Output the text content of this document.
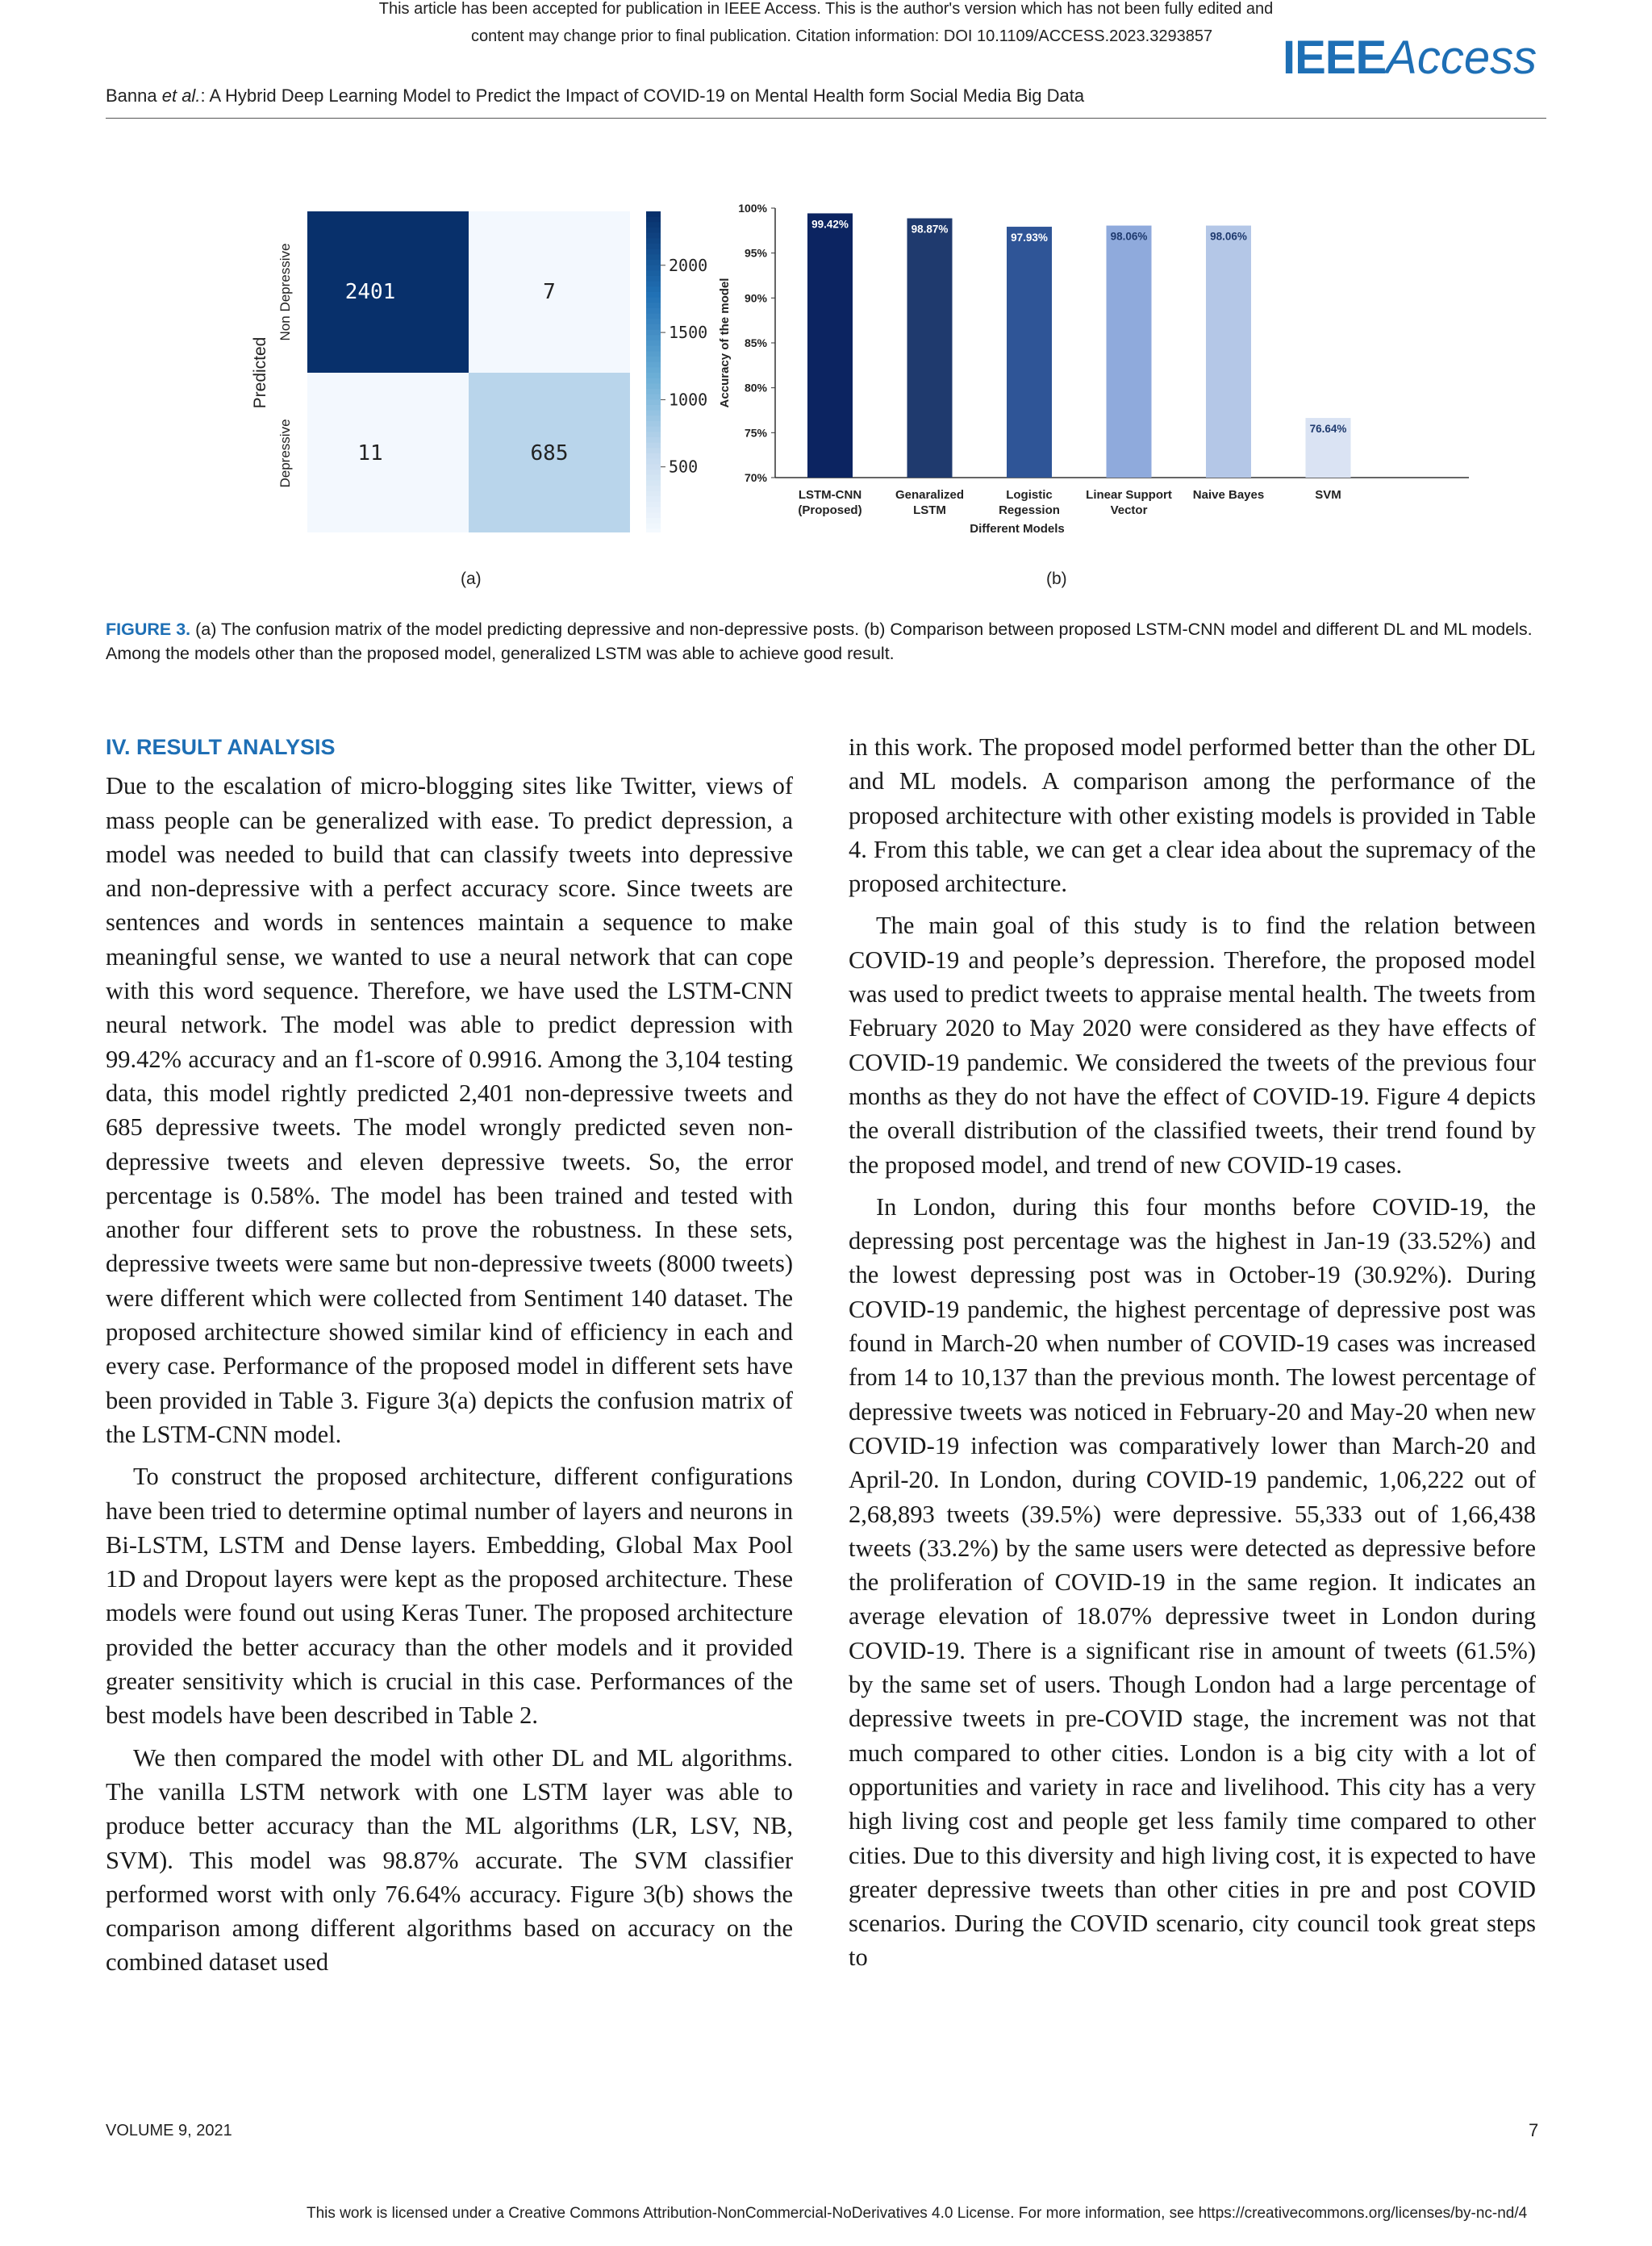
This article has been accepted for publication in IEEE Access. This is the author's version which has not been fully edited and
content may change prior to final publication. Citation information: DOI 10.1109/ACCESS.2023.3293857	IEEEAccess
Banna et al.: A Hybrid Deep Learning Model to Predict the Impact of COVID-19 on Mental Health form Social Media Big Data
Predicted
2401	7
11	685
Non Depressive
Depressive	500
1000
1500
2000
70%
75%
80%
85%
90%
95%
100%
Accuracy of the model
99.42%
LSTM-CNN
(Proposed)
98.87%
Genaralized
LSTM
97.93%
Logistic
Regession
98.06%
Linear Support
Vector
98.06%
Naive Bayes
76.64%
SVM
Different Models
(a)	(b)
FIGURE 3. (a) The confusion matrix of the model predicting depressive and non-depressive posts. (b) Comparison between proposed LSTM-CNN model and different DL and ML models. Among the models other than the proposed model, generalized LSTM was able to achieve good result.
IV. RESULT ANALYSIS

Due to the escalation of micro-blogging sites like Twitter, views of mass people can be generalized with ease. To predict depression, a model was needed to build that can classify tweets into depressive and non-depressive with a perfect accuracy score. Since tweets are sentences and words in sentences maintain a sequence to make meaningful sense, we wanted to use a neural network that can cope with this word sequence. Therefore, we have used the LSTM-CNN neural network. The model was able to predict depression with 99.42% accuracy and an f1-score of 0.9916. Among the 3,104 testing data, this model rightly predicted 2,401 non-depressive tweets and 685 depressive tweets. The model wrongly predicted seven non-depressive tweets and eleven depressive tweets. So, the error percentage is 0.58%. The model has been trained and tested with another four different sets to prove the robustness. In these sets, depressive tweets were same but non-depressive tweets (8000 tweets) were different which were collected from Sentiment 140 dataset. The proposed architecture showed similar kind of efficiency in each and every case. Performance of the proposed model in different sets have been provided in Table 3. Figure 3(a) depicts the confusion matrix of the LSTM-CNN model.

To construct the proposed architecture, different configurations have been tried to determine optimal number of layers and neurons in Bi-LSTM, LSTM and Dense layers. Embedding, Global Max Pool 1D and Dropout layers were kept as the proposed architecture. These models were found out using Keras Tuner. The proposed architecture provided the better accuracy than the other models and it provided greater sensitivity which is crucial in this case. Performances of the best models have been described in Table 2.

We then compared the model with other DL and ML algorithms. The vanilla LSTM network with one LSTM layer was able to produce better accuracy than the ML algorithms (LR, LSV, NB, SVM). This model was 98.87% accurate. The SVM classifier performed worst with only 76.64% accuracy. Figure 3(b) shows the comparison among different algorithms based on accuracy on the combined dataset used

in this work. The proposed model performed better than the other DL and ML models. A comparison among the performance of the proposed architecture with other existing models is provided in Table 4. From this table, we can get a clear idea about the supremacy of the proposed architecture.

The main goal of this study is to find the relation between COVID-19 and people’s depression. Therefore, the proposed model was used to predict tweets to appraise mental health. The tweets from February 2020 to May 2020 were considered as they have effects of COVID-19 pandemic. We considered the tweets of the previous four months as they do not have the effect of COVID-19. Figure 4 depicts the overall distribution of the classified tweets, their trend found by the proposed model, and trend of new COVID-19 cases.

In London, during this four months before COVID-19, the depressing post percentage was the highest in Jan-19 (33.52%) and the lowest depressing post was in October-19 (30.92%). During COVID-19 pandemic, the highest percentage of depressive post was found in March-20 when number of COVID-19 cases was increased from 14 to 10,137 than the previous month. The lowest percentage of depressive tweets was noticed in February-20 and May-20 when new COVID-19 infection was comparatively lower than March-20 and April-20. In London, during COVID-19 pandemic, 1,06,222 out of 2,68,893 tweets (39.5%) were depressive. 55,333 out of 1,66,438 tweets (33.2%) by the same users were detected as depressive before the proliferation of COVID-19 in the same region. It indicates an average elevation of 18.07% depressive tweet in London during COVID-19. There is a significant rise in amount of tweets (61.5%) by the same set of users. Though London had a large percentage of depressive tweets in pre-COVID stage, the increment was not that much compared to other cities. London is a big city with a lot of opportunities and variety in race and livelihood. This city has a very high living cost and people get less family time compared to other cities. Due to this diversity and high living cost, it is expected to have greater depressive tweets than other cities in pre and post COVID scenarios. During the COVID scenario, city council took great steps to

VOLUME 9, 2021	7
This work is licensed under a Creative Commons Attribution-NonCommercial-NoDerivatives 4.0 License. For more information, see https://creativecommons.org/licenses/by-nc-nd/4
